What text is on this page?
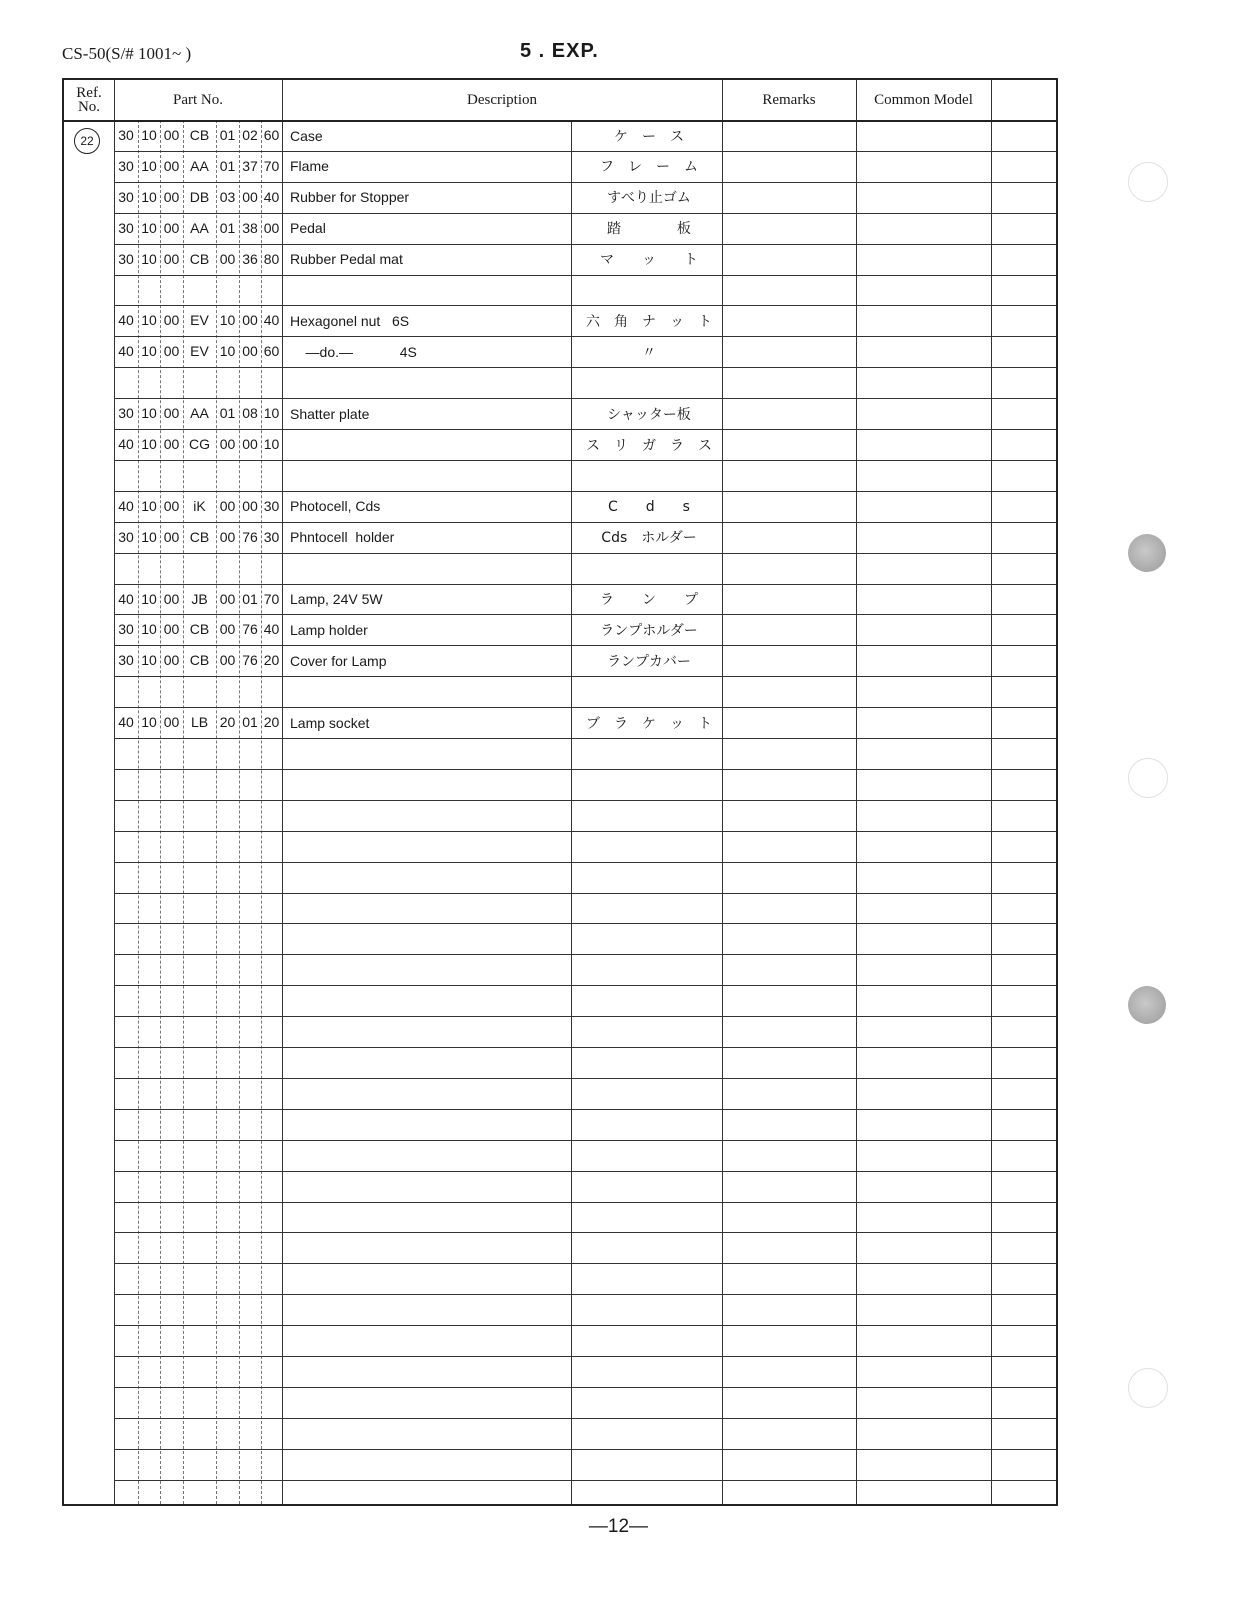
CS-50(S/# 1001~ )	5 . EXP.
Ref.
No.	Part No.	Description	Remarks	Common Model
22	30 10 00 CB 01 02 60 Case	ケ　ー　ス
30 10 00 AA 01 37 70 Flame	フ　レ　ー　ム
30 10 00 DB 03 00 40 Rubber for Stopper	すべり止ゴム
30 10 00 AA 01 38 00 Pedal	踏　　　　板
30 10 00 CB 00 36 80 Rubber Pedal mat	マ　　ッ　　ト
40 10 00 EV 10 00 40 Hexagonel nut   6S	六　角　ナ　ッ　ト
40 10 00 EV 10 00 60 —do.—            4S	〃
30 10 00 AA 01 08 10 Shatter plate	シャッター板
40 10 00 CG 00 00 10	ス　リ　ガ　ラ　ス
40 10 00 iK 00 00 30 Photocell, Cds	C　　d　　s
30 10 00 CB 00 76 30 Phntocell  holder	Cds　ホルダー
40 10 00 JB 00 01 70 Lamp, 24V 5W	ラ　　ン　　プ
30 10 00 CB 00 76 40 Lamp holder	ランプホルダー
30 10 00 CB 00 76 20 Cover for Lamp	ランプカバー
40 10 00 LB 20 01 20 Lamp socket	ブ　ラ　ケ　ッ　ト
—12—
